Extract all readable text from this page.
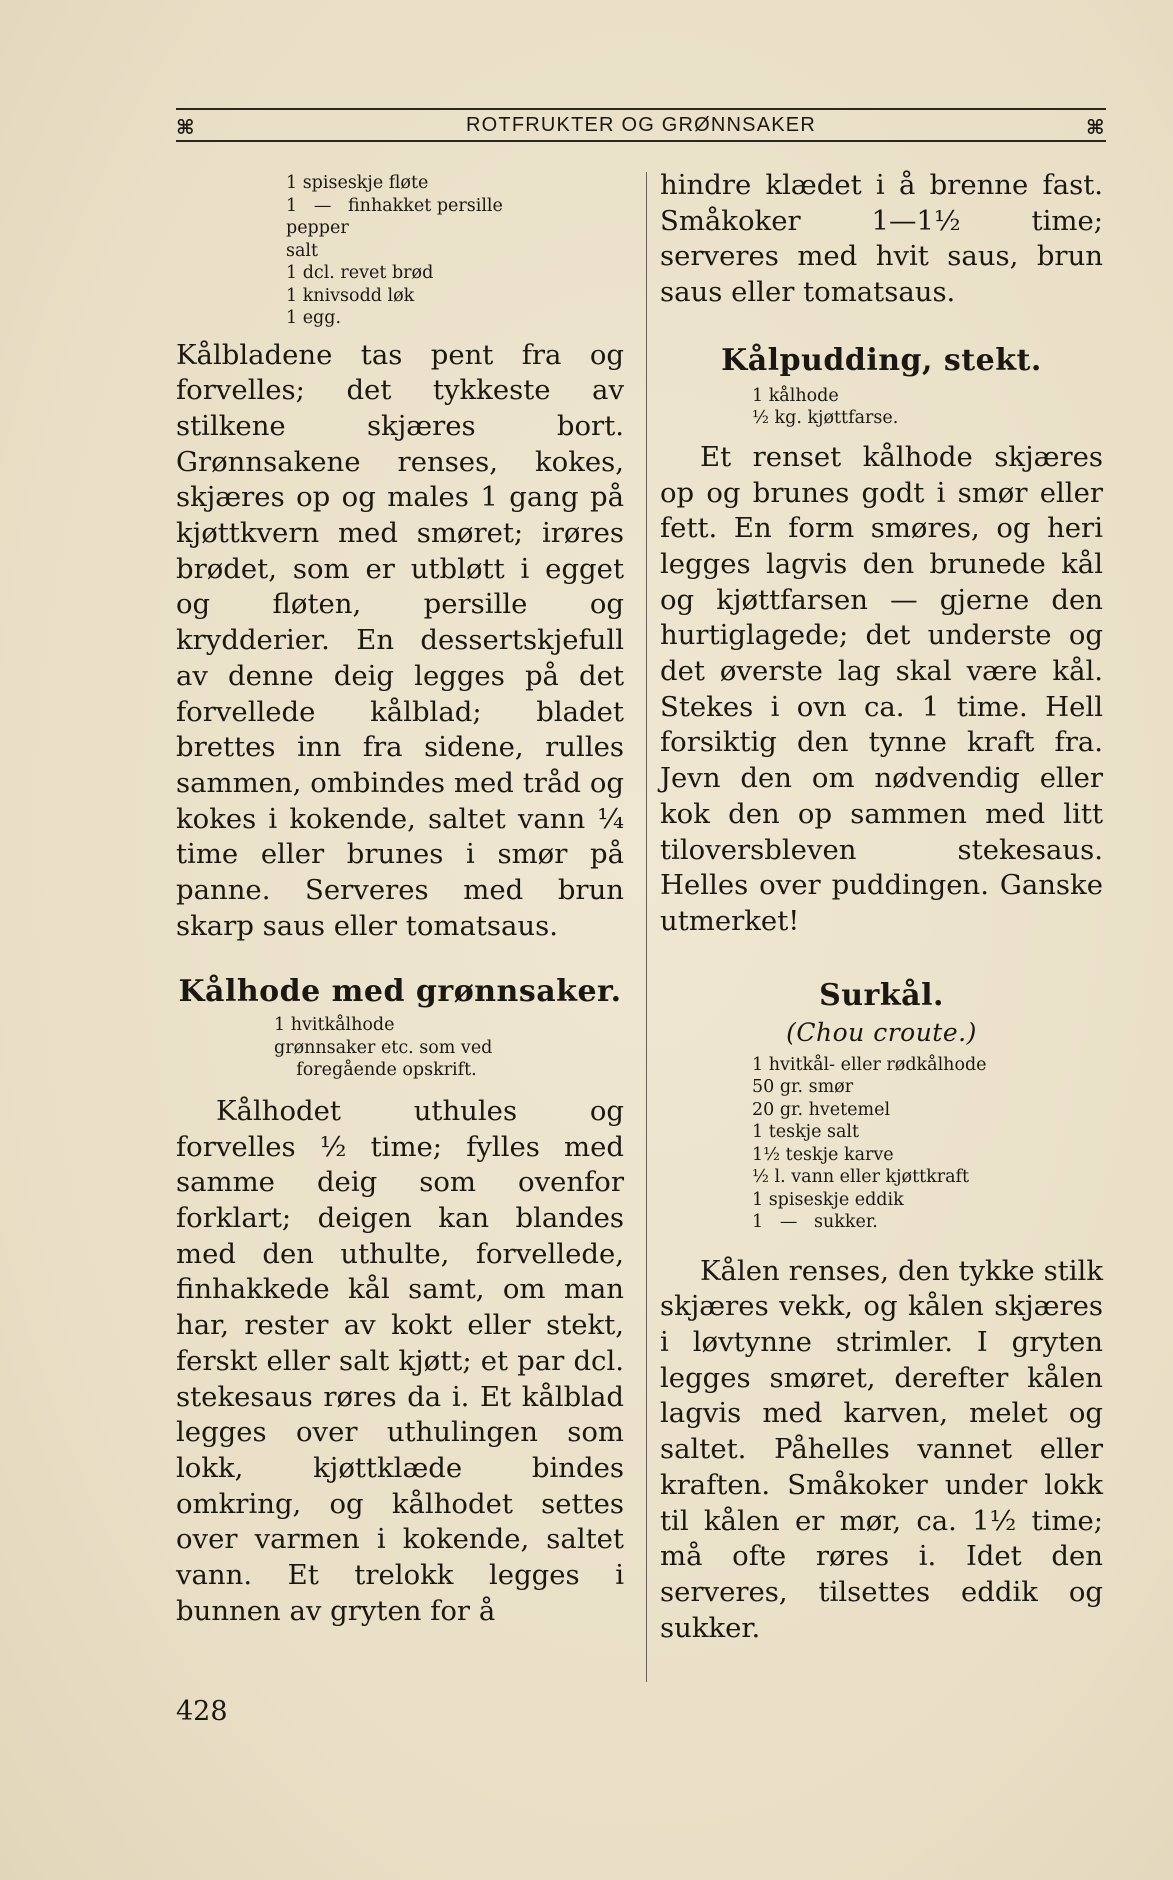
⌘	ROTFRUKTER OG GRØNNSAKER	⌘
1 spiseskje fløte
1   —   finhakket persille
pepper
salt
1 dcl. revet brød
1 knivsodd løk
1 egg.

Kålbladene tas pent fra og forvelles; det tykkeste av stilkene skjæres bort. Grønnsakene renses, kokes, skjæres op og males 1 gang på kjøttkvern med smøret; irøres brødet, som er utbløtt i egget og fløten, persille og krydderier. En dessertskjefull av denne deig legges på det forvellede kålblad; bladet brettes inn fra sidene, rulles sammen, ombindes med tråd og kokes i kokende, saltet vann ¼ time eller brunes i smør på panne. Serveres med brun skarp saus eller tomatsaus.

Kålhode med grønnsaker.
1 hvitkålhode
grønnsaker etc. som ved
foregående opskrift.

Kålhodet uthules og forvelles ½ time; fylles med samme deig som ovenfor forklart; deigen kan blandes med den uthulte, forvellede, finhakkede kål samt, om man har, rester av kokt eller stekt, ferskt eller salt kjøtt; et par dcl. stekesaus røres da i. Et kålblad legges over uthulingen som lokk, kjøttklæde bindes omkring, og kålhodet settes over varmen i kokende, saltet vann. Et trelokk legges i bunnen av gryten for å

hindre klædet i å brenne fast. Småkoker 1—1½ time; serveres med hvit saus, brun saus eller tomatsaus.

Kålpudding, stekt.
1 kålhode
½ kg. kjøttfarse.

Et renset kålhode skjæres op og brunes godt i smør eller fett. En form smøres, og heri legges lagvis den brunede kål og kjøttfarsen — gjerne den hurtiglagede; det underste og det øverste lag skal være kål. Stekes i ovn ca. 1 time. Hell forsiktig den tynne kraft fra. Jevn den om nødvendig eller kok den op sammen med litt tiloversbleven stekesaus. Helles over puddingen. Ganske utmerket!

Surkål.

(Chou croute.)

1 hvitkål- eller rødkålhode
50 gr. smør
20 gr. hvetemel
1 teskje salt
1½ teskje karve
½ l. vann eller kjøttkraft
1 spiseskje eddik
1   —   sukker.

Kålen renses, den tykke stilk skjæres vekk, og kålen skjæres i løvtynne strimler. I gryten legges smøret, derefter kålen lagvis med karven, melet og saltet. Påhelles vannet eller kraften. Småkoker under lokk til kålen er mør, ca. 1½ time; må ofte røres i. Idet den serveres, tilsettes eddik og sukker.

428
